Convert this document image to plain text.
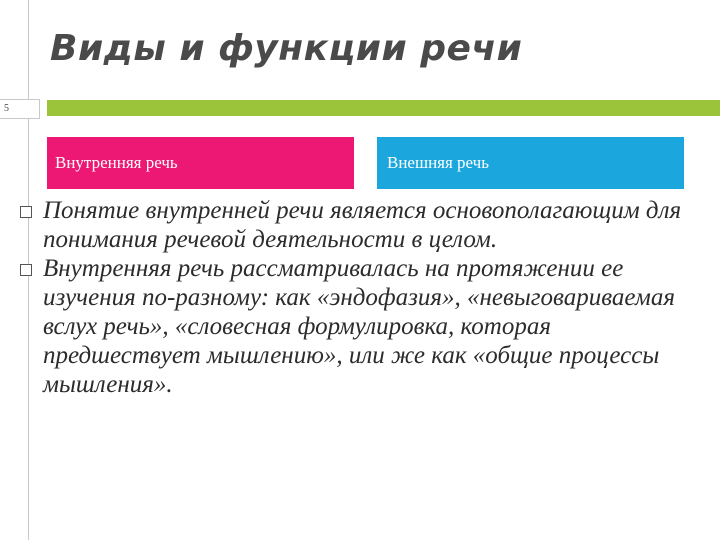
Виды и функции речи
5
Внутренняя речь	Внешняя речь
Понятие внутренней речи является основополагающим для понимания речевой деятельности в целом.
Внутренняя речь рассматривалась на протяжении ее изучения по-разному: как «эндофазия», «невыговариваемая вслух речь», «словесная формулировка, которая предшествует мышлению», или же как «общие процессы мышления».
